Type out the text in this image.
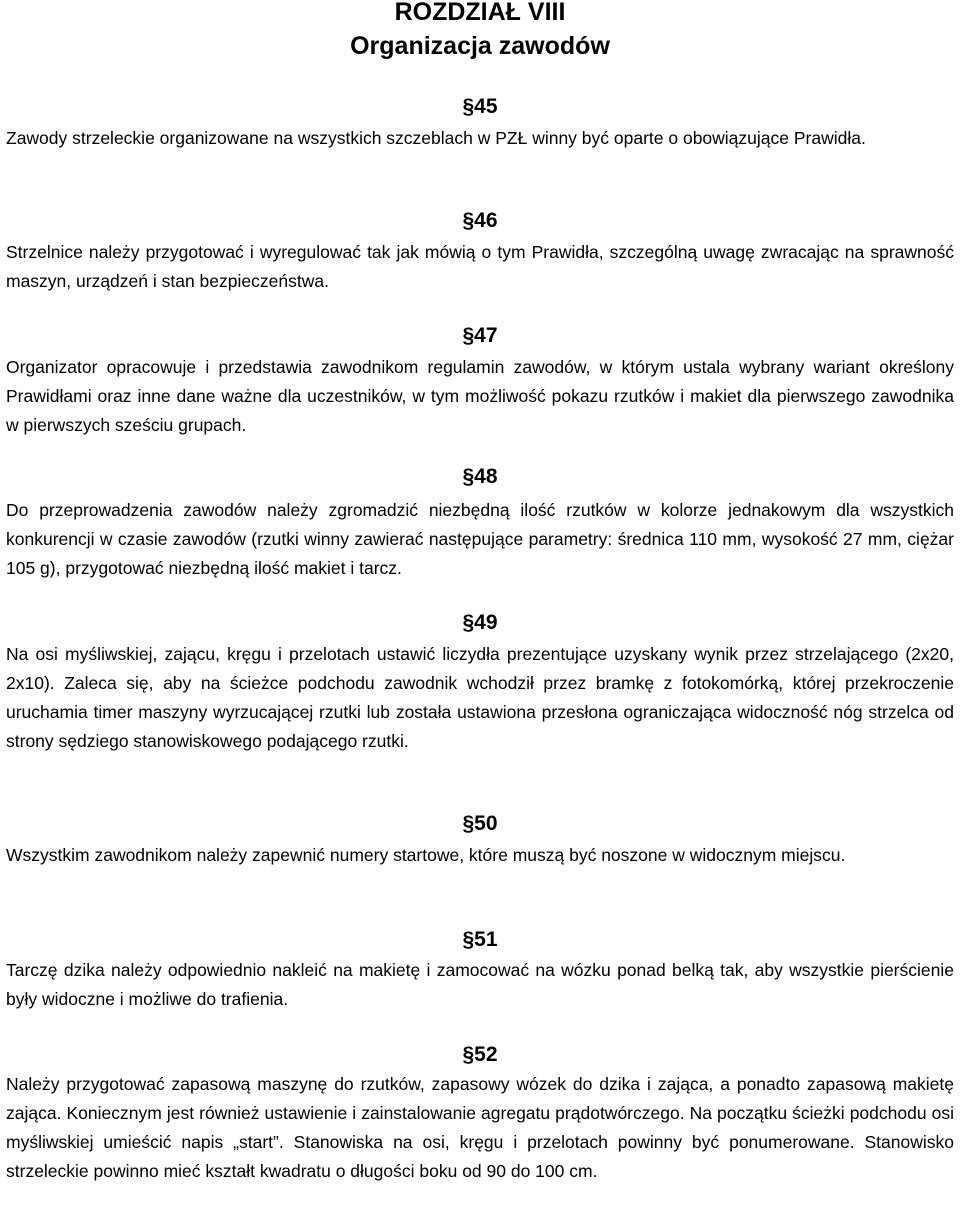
ROZDZIAŁ VIII
Organizacja zawodów
§45

Zawody strzeleckie organizowane na wszystkich szczeblach w PZŁ winny być oparte o obowiązujące Prawidła.

§46

Strzelnice należy przygotować i wyregulować tak jak mówią o tym Prawidła, szczególną uwagę zwracając na sprawność maszyn, urządzeń i stan bezpieczeństwa.

§47

Organizator opracowuje i przedstawia zawodnikom regulamin zawodów, w którym ustala wybrany wariant określony Prawidłami oraz inne dane ważne dla uczestników, w tym możliwość pokazu rzutków i makiet dla pierwszego zawodnika w pierwszych sześciu grupach.

§48

Do przeprowadzenia zawodów należy zgromadzić niezbędną ilość rzutków w kolorze jednakowym dla wszystkich konkurencji w czasie zawodów (rzutki winny zawierać następujące parametry: średnica 110 mm, wysokość 27 mm, ciężar 105 g), przygotować niezbędną ilość makiet i tarcz.

§49

Na osi myśliwskiej, zającu, kręgu i przelotach ustawić liczydła prezentujące uzyskany wynik przez strzelającego (2x20, 2x10). Zaleca się, aby na ścieżce podchodu zawodnik wchodził przez bramkę z fotokomórką, której przekroczenie uruchamia timer maszyny wyrzucającej rzutki lub została ustawiona przesłona ograniczająca widoczność nóg strzelca od strony sędziego stanowiskowego podającego rzutki.

§50

Wszystkim zawodnikom należy zapewnić numery startowe, które muszą być noszone w widocznym miejscu.

§51

Tarczę dzika należy odpowiednio nakleić na makietę i zamocować na wózku ponad belką tak, aby wszystkie pierścienie były widoczne i możliwe do trafienia.

§52

Należy przygotować zapasową maszynę do rzutków, zapasowy wózek do dzika i zająca, a ponadto zapasową makietę zająca. Koniecznym jest również ustawienie i zainstalowanie agregatu prądotwórczego. Na początku ścieżki podchodu osi myśliwskiej umieścić napis „start”. Stanowiska na osi, kręgu i przelotach powinny być ponumerowane. Stanowisko strzeleckie powinno mieć kształt kwadratu o długości boku od 90 do 100 cm.
